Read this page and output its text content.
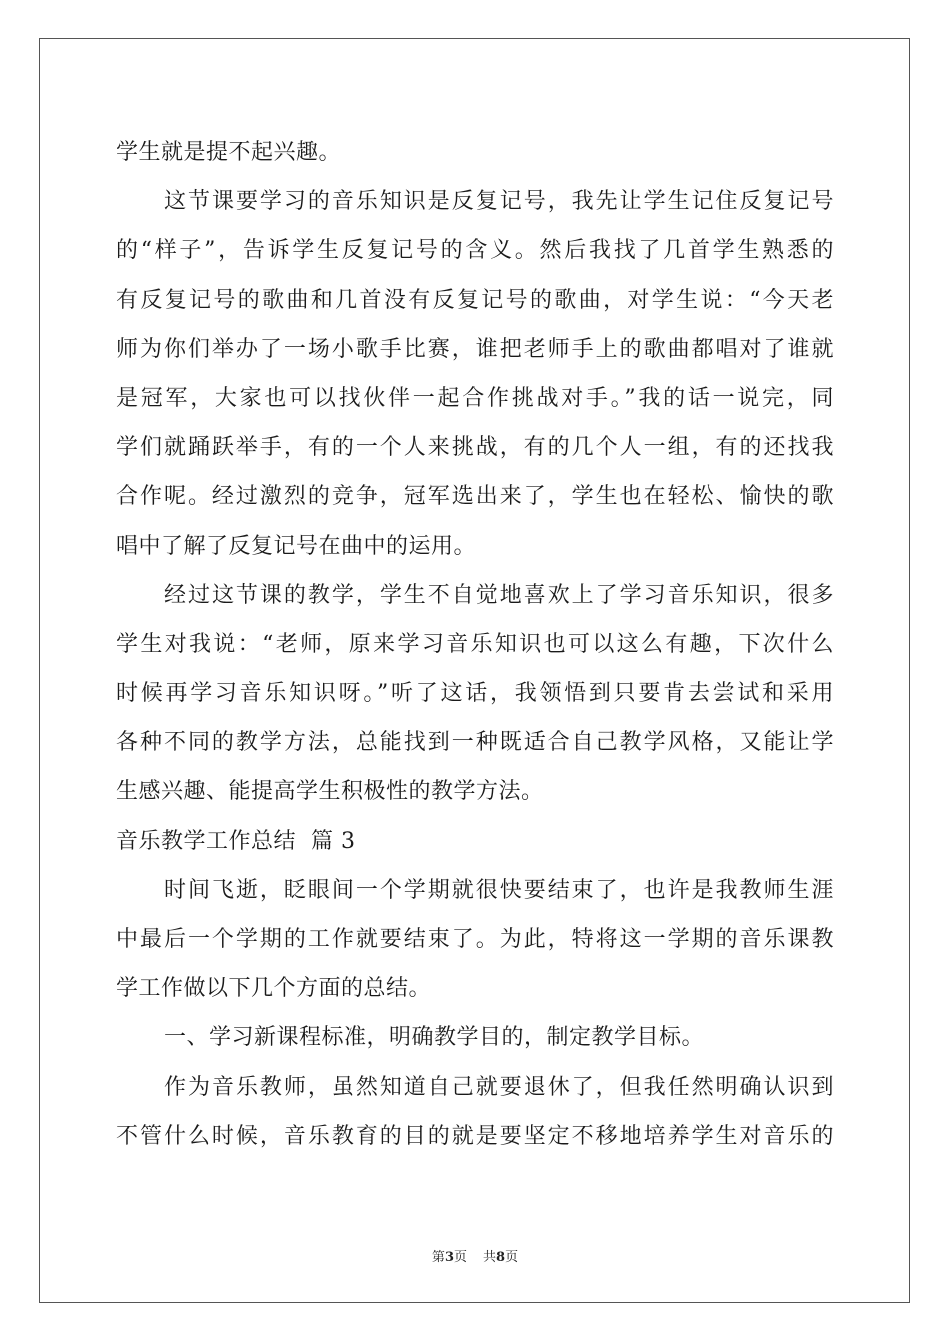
学生就是提不起兴趣。
这节课要学习的音乐知识是反复记号，我先让学生记住反复记号
的“样子”，告诉学生反复记号的含义。然后我找了几首学生熟悉的
有反复记号的歌曲和几首没有反复记号的歌曲，对学生说：“今天老
师为你们举办了一场小歌手比赛，谁把老师手上的歌曲都唱对了谁就
是冠军，大家也可以找伙伴一起合作挑战对手。”我的话一说完，同
学们就踊跃举手，有的一个人来挑战，有的几个人一组，有的还找我
合作呢。经过激烈的竞争，冠军选出来了，学生也在轻松、愉快的歌
唱中了解了反复记号在曲中的运用。
经过这节课的教学，学生不自觉地喜欢上了学习音乐知识，很多
学生对我说：“老师，原来学习音乐知识也可以这么有趣，下次什么
时候再学习音乐知识呀。”听了这话，我领悟到只要肯去尝试和采用
各种不同的教学方法，总能找到一种既适合自己教学风格，又能让学
生感兴趣、能提高学生积极性的教学方法。
音乐教学工作总结  篇 3
时间飞逝，眨眼间一个学期就很快要结束了，也许是我教师生涯
中最后一个学期的工作就要结束了。为此，特将这一学期的音乐课教
学工作做以下几个方面的总结。
一、学习新课程标准，明确教学目的，制定教学目标。
作为音乐教师，虽然知道自己就要退休了，但我任然明确认识到
不管什么时候，音乐教育的目的就是要坚定不移地培养学生对音乐的
第3页 共8页
